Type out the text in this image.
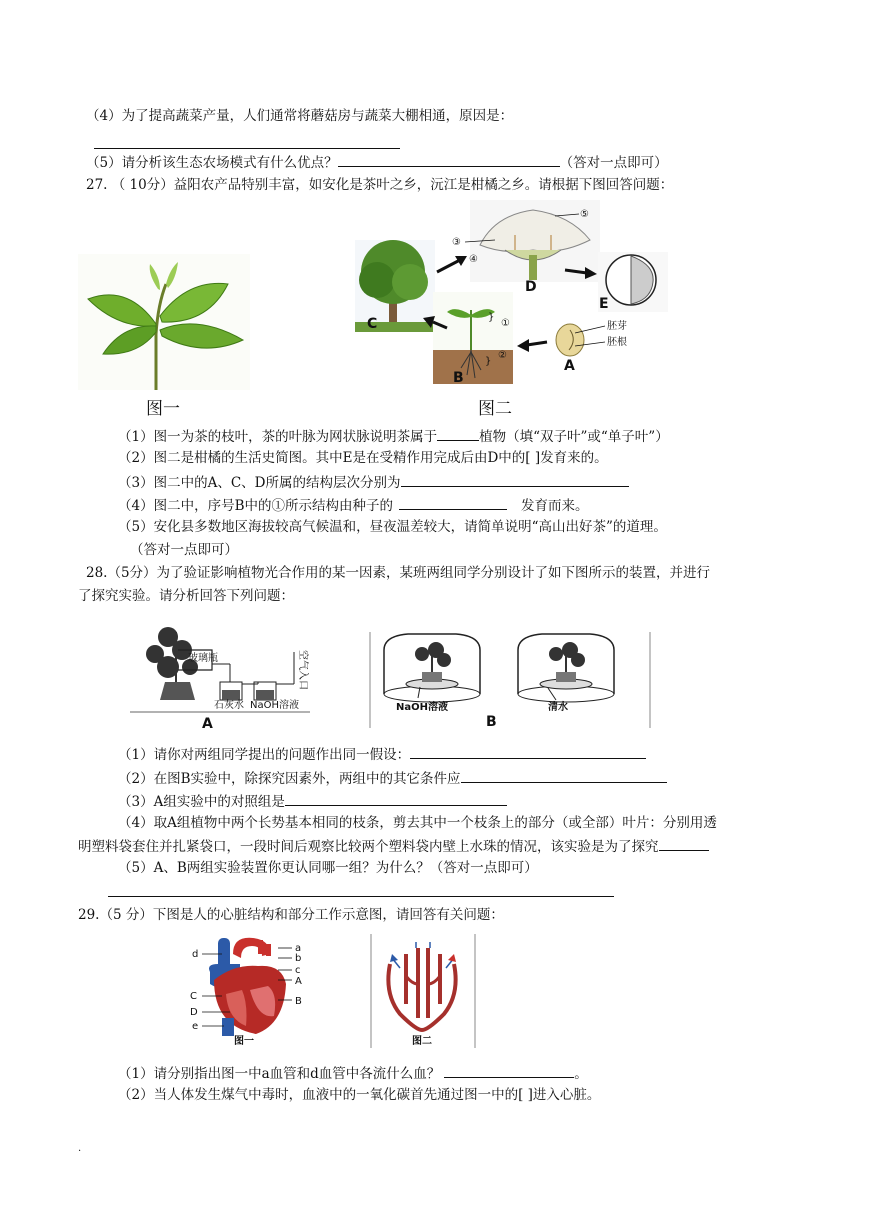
（4）为了提高蔬菜产量，人们通常将蘑菇房与蔬菜大棚相通，原因是：
（5）请分析该生态农场模式有什么优点？	（答对一点即可）
27. （ 10分）益阳农产品特别丰富，如安化是茶叶之乡，沅江是柑橘之乡。请根据下图回答问题：
图一
C
③
④
⑤
D
E
}
①
}
②
B
A
胚芽
胚根
图二
（1）图一为茶的枝叶，茶的叶脉为网状脉说明茶属于	植物（填“双子叶”或“单子叶”）
（2）图二是柑橘的生活史简图。其中E是在受精作用完成后由D中的[ ]发育来的。
（3）图二中的A、C、D所属的结构层次分别为
（4）图二中，序号B中的①所示结构由种子的	发育而来。
（5）安化县多数地区海拔较高气候温和，昼夜温差较大，请简单说明“高山出好茶”的道理。
（答对一点即可）
28.（5分）为了验证影响植物光合作用的某一因素，某班两组同学分别设计了如下图所示的装置，并进行
了探究实验。请分析回答下列问题：
玻璃瓶	空气入口
石灰水 NaOH溶液
A
NaOH溶液	清水
B
（1）请你对两组同学提出的问题作出同一假设：
（2）在图B实验中，除探究因素外，两组中的其它条件应
（3）A组实验中的对照组是
（4）取A组植物中两个长势基本相同的枝条，剪去其中一个枝条上的部分（或全部）叶片：分别用透
明塑料袋套住并扎紧袋口，一段时间后观察比较两个塑料袋内壁上水珠的情况，该实验是为了探究
（5）A、B两组实验装置你更认同哪一组？为什么？（答对一点即可）
29.（5 分）下图是人的心脏结构和部分工作示意图，请回答有关问题：
d
a
b
c
A
B
C
D
e
图一	图二
（1）请分别指出图一中a血管和d血管中各流什么血？	。
（2）当人体发生煤气中毒时，血液中的一氧化碳首先通过图一中的[ ]进入心脏。
.
